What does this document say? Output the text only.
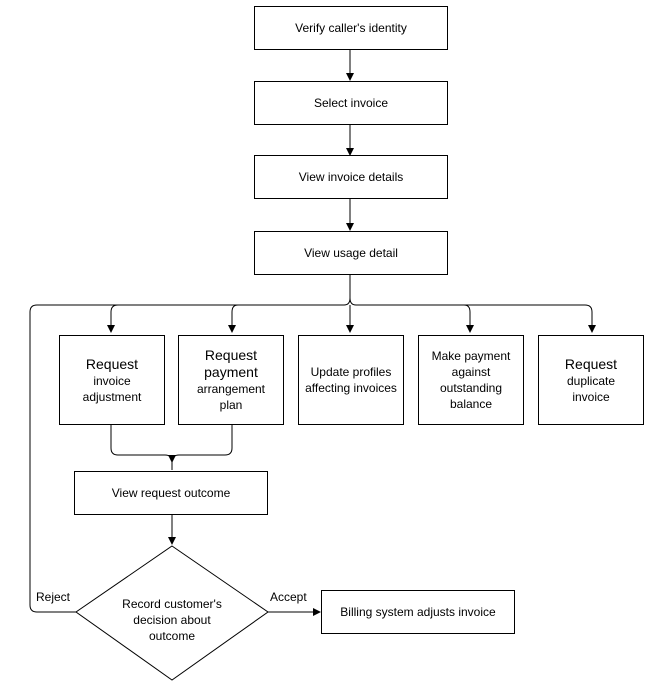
Verify caller's identity
Select invoice
View invoice details
View usage detail
Request
invoice
adjustment
Request
payment
arrangement
plan
Update profiles affecting invoices
Make payment against outstanding balance
Request
duplicate
invoice
View request outcome
Record customer's decision about outcome
Billing system adjusts invoice
Reject	Accept
